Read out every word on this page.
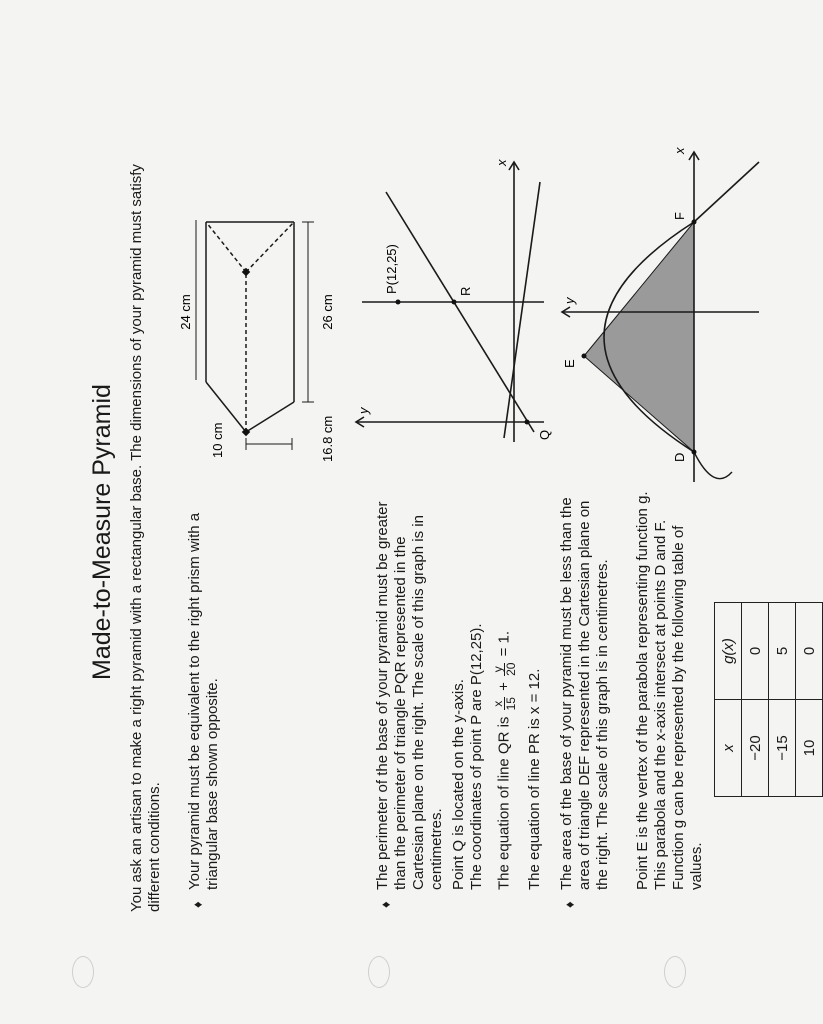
Made-to-Measure Pyramid You ask an artisan to make a right pyramid with a rectangular base. The dimensions of your pyramid must satisfy different conditions. ♦
Your pyramid must be equivalent to the right prism with a triangular base shown opposite.
24 cm
10 cm	16.8 cm
26 cm
♦
The perimeter of the base of your pyramid must be greater than the perimeter of triangle PQR represented in the Cartesian plane on the right. The scale of this graph is in centimetres. Point Q is located on the y-axis. The coordinates of point P are P(12,25). The equation of line QR is
x 15
+
y 20
= 1.
The equation of line PR is x = 12.
P(12,25)
Q
R
x
y
♦
The area of the base of your pyramid must be less than the area of triangle DEF represented in the Cartesian plane on the right. The scale of this graph is in centimetres. Point E is the vertex of the parabola representing function g. This parabola and the x-axis intersect at points D and F. Function g can be represented by the following table of values.
x	g(x)
−20	0
−15	5
10	0
D
E
F
x
y
